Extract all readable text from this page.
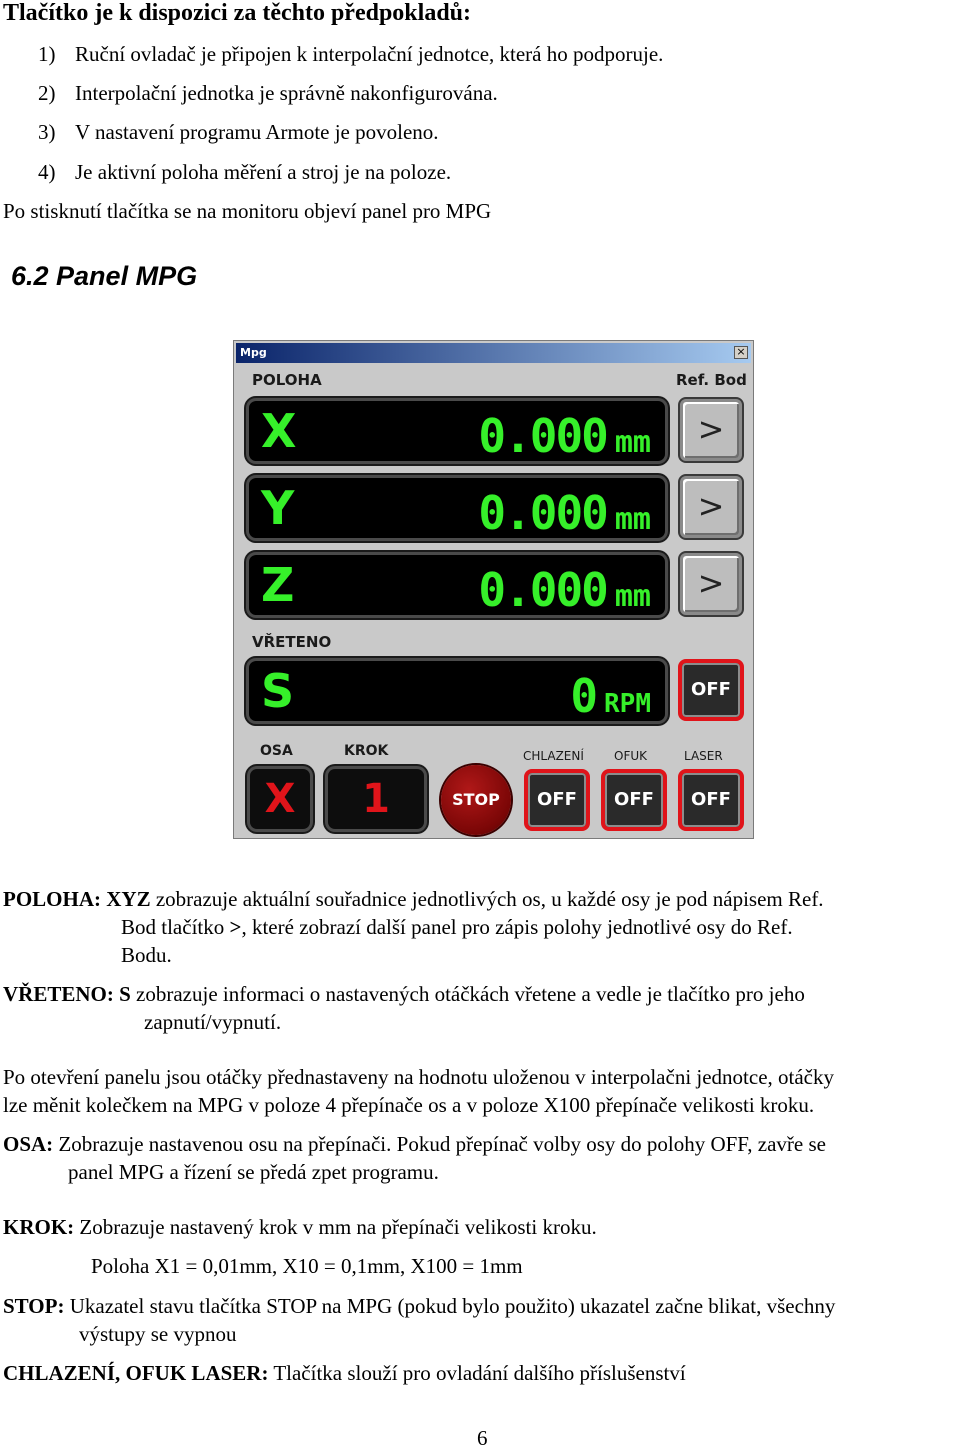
Tlačítko je k dispozici za těchto předpokladů:
1) Ruční ovladač je připojen k interpolační jednotce, která ho podporuje.
2) Interpolační jednotka je správně nakonfigurována.
3) V nastavení programu Armote je povoleno.
4) Je aktivní poloha měření a stroj je na poloze.
Po stisknutí tlačítka se na monitoru objeví panel pro MPG
6.2 Panel MPG
Mpg	×
POLOHA	Ref. Bod
X	0.000 mm	>
Y	0.000 mm	>
Z	0.000 mm	>
VŘETENO
S	0 RPM	OFF
OSA	KROK	CHLAZENÍ	OFUK	LASER
X	1	STOP	OFF	OFF	OFF
POLOHA: XYZ zobrazuje aktuální souřadnice jednotlivých os, u každé osy je pod nápisem Ref.
Bod tlačítko >, které zobrazí další panel pro zápis polohy jednotlivé osy do Ref.
Bodu.
VŘETENO: S zobrazuje informaci o nastavených otáčkách vřetene a vedle je tlačítko pro jeho
zapnutí/vypnutí.
Po otevření panelu jsou otáčky přednastaveny na hodnotu uloženou v interpolačni jednotce, otáčky
lze měnit kolečkem na MPG v poloze 4 přepínače os a v poloze X100 přepínače velikosti kroku.
OSA: Zobrazuje nastavenou osu na přepínači. Pokud přepínač volby osy do polohy OFF, zavře se
panel MPG a řízení se předá zpet programu.
KROK: Zobrazuje nastavený krok v mm na přepínači velikosti kroku.
Poloha X1 = 0,01mm, X10 = 0,1mm, X100 = 1mm
STOP: Ukazatel stavu tlačítka STOP na MPG (pokud bylo použito) ukazatel začne blikat, všechny
výstupy se vypnou
CHLAZENÍ, OFUK LASER: Tlačítka slouží pro ovladání dalšího příslušenství
6
